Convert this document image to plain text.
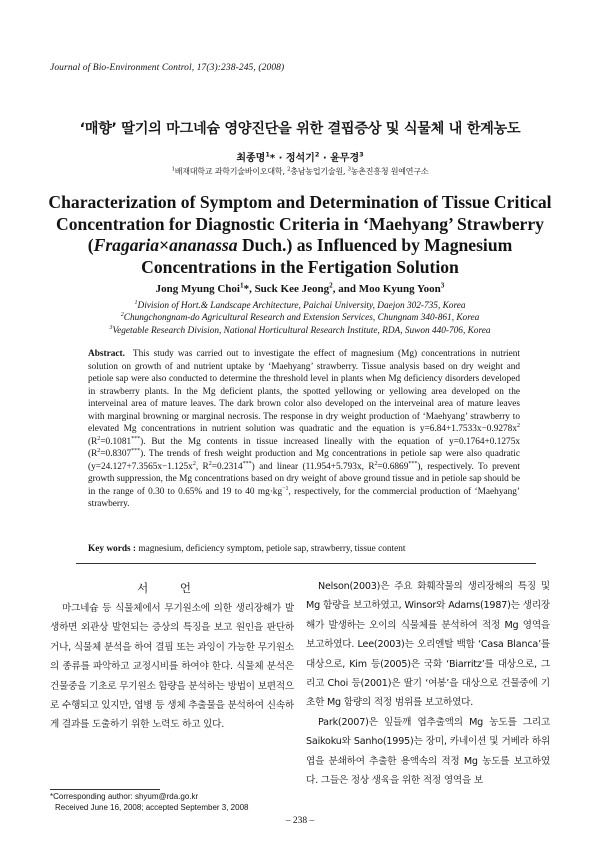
Journal of Bio-Environment Control, 17(3):238-245, (2008)
‘매향’ 딸기의 마그네슘 영양진단을 위한 결핍증상 및 식물체 내 한계농도
최종명$^1$* · 정석기$^2$ · 윤무경$^3$
$^1$배재대학교 과학기술바이오대학, $^2$충남농업기술원, $^3$농촌진흥청 원예연구소
Characterization of Symptom and Determination of Tissue Critical Concentration for Diagnostic Criteria in ‘Maehyang’ Strawberry (Fragaria×ananassa Duch.) as Influenced by Magnesium Concentrations in the Fertigation Solution
Jong Myung Choi$^1$*, Suck Kee Jeong$^2$, and Moo Kyung Yoon$^3$
$^1$Division of Hort.& Landscape Architecture, Paichai University, Daejon 302-735, Korea
$^2$Chungchongnam-do Agricultural Research and Extension Services, Chungnam 340-861, Korea
$^3$Vegetable Research Division, National Horticultural Research Institute, RDA, Suwon 440-706, Korea
Abstract. This study was carried out to investigate the effect of magnesium (Mg) concentrations in nutrient solution on growth of and nutrient uptake by ‘Maehyang’ strawberry. Tissue analysis based on dry weight and petiole sap were also conducted to determine the threshold level in plants when Mg deficiency disorders developed in strawberry plants. In the Mg deficient plants, the spotted yellowing or yellowing area developed on the interveinal area of mature leaves. The dark brown color also developed on the interveinal area of mature leaves with marginal browning or marginal necrosis. The response in dry weight production of ‘Maehyang’ strawberry to elevated Mg concentrations in nutrient solution was quadratic and the equation is $y=6.84+1.7533x-0.9278x^2$ $(R^2=0.1081^{***})$. But the Mg contents in tissue increased lineally with the equation of y=0.1764+0.1275x $(R^2=0.8307^{***})$. The trends of fresh weight production and Mg concentrations in petiole sap were also quadratic ($y=24.127+7.3565x-1.125x^2$, $R^2=0.2314^{***}$) and linear (11.954+5.793x, $R^2=0.6869^{***}$), respectively. To prevent growth suppression, the Mg concentrations based on dry weight of above ground tissue and in petiole sap should be in the range of 0.30 to 0.65% and 19 to 40 $mg\cdot kg^{-1}$, respectively, for the commercial production of ‘Maehyang’ strawberry.
Key words : magnesium, deficiency symptom, petiole sap, strawberry, tissue content
서 언

마그네슘 등 식물체에서 무기원소에 의한 생리장해가 발생하면 외관상 발현되는 증상의 특징을 보고 원인을 판단하거나, 식물체 분석을 하여 결핍 또는 과잉이 가능한 무기원소의 종류를 파악하고 교정시비를 하여야 한다. 식물체 분석은 건물중을 기초로 무기원소 함량을 분석하는 방법이 보편적으로 수행되고 있지만, 엽병 등 생체 추출물을 분석하여 신속하게 결과를 도출하기 위한 노력도 하고 있다.

Nelson(2003)은 주요 화훼작물의 생리장해의 특징 및 Mg 함량을 보고하였고, Winsor와 Adams(1987)는 생리장해가 발생하는 오이의 식물체를 분석하여 적정 Mg 영역을 보고하였다. Lee(2003)는 오리엔탈 백합 ‘Casa Blanca’를 대상으로, Kim 등(2005)은 국화 ‘Biarritz’를 대상으로, 그리고 Choi 등(2001)은 딸기 ‘여봉’을 대상으로 건물중에 기초한 Mg 함량의 적정 범위를 보고하였다.

Park(2007)은 잎들깨 엽추출액의 Mg 농도를 그리고 Saikoku와 Sanho(1995)는 장미, 카네이션 및 거베라 하위엽을 분쇄하여 추출한 용액속의 적정 Mg 농도를 보고하였다. 그들은 정상 생육을 위한 적정 영역을 보

*Corresponding author: shyum@rda.go.kr
Received June 16, 2008; accepted September 3, 2008
– 238 –
